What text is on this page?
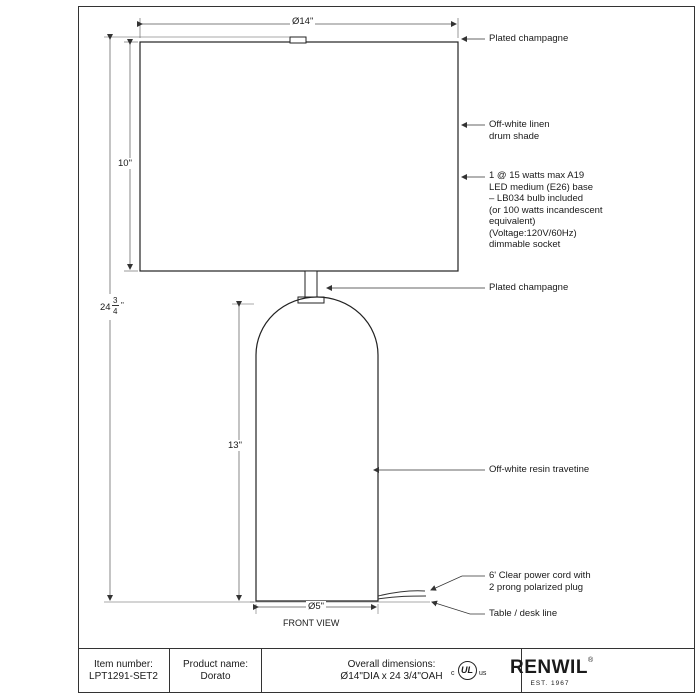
Ø14"
10"
24
3
4
"
13"
Ø5"
FRONT VIEW
Plated champagne
Off-white linen
drum shade
1 @ 15 watts max A19
LED medium (E26) base
– LB034 bulb included
(or 100 watts incandescent
equivalent)
(Voltage:120V/60Hz)
dimmable socket
Plated champagne
Off-white resin travetine
6' Clear power cord with
2 prong polarized plug
Table / desk line
Item number:
LPT1291-SET2
Product name:
Dorato
Overall dimensions:
Ø14"DIA x 24 3/4"OAH	c UL us RENWIL®
EST. 1967
